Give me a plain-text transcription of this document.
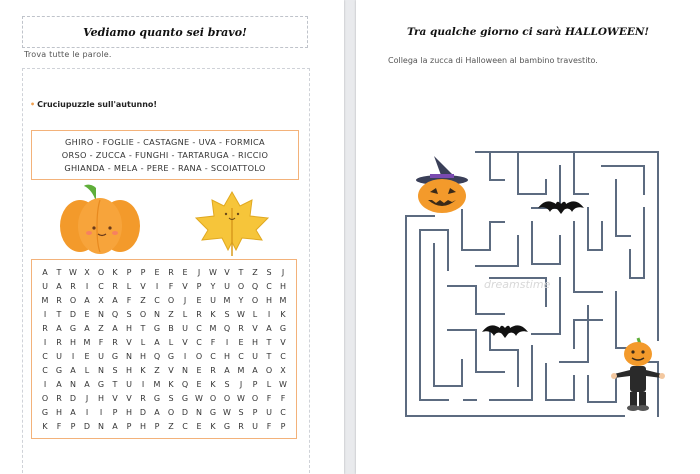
Vediamo quanto sei bravo!
Trova tutte le parole.
• Cruciupuzzle sull'autunno!
GHIRO - FOGLIE - CASTAGNE - UVA - FORMICA
ORSO - ZUCCA - FUNGHI - TARTARUGA - RICCIO
GHIANDA - MELA - PERE - RANA - SCOIATTOLO
A	T W X	O	K	P	P	E	R	E	J	W V	T	Z	S	J
U	A	R	I	C	R	L	V	I	F	V	P	Y	U O Q	C	H
M R	O	A	X	A	F	Z	C	O	J	E	U M	Y	O H M
I	T	D	E	N Q	S	O N	Z	L	R	K	S W L	I	K
R	A	G	A	Z	A	H	T	G	B	U	C M Q	R	V	A	G
I	R	H M	F	R	V	L	A	L	V	C	F	I	E	H	T	V
C	U	I	E	U G N	H Q G	I	O	C	H	C	U	T	C
C	G	A	L	N	S	H	K	Z	V	N	E	R	A M A	O	X
I	A	N	A	G	T	U	I	M K	Q	E	K	S	J	P	L W
O	R	D	J	H	V	V	R	G	S	G W O O W O	F	F
G H	A	I	I	P	H D	A	O D N G W S	P	U	C
K	F	P	D N	A	P	H	P	Z	C	E	K	G	R	U	F	P
Tra qualche giorno ci sarà HALLOWEEN!
Collega la zucca di Halloween al bambino travestito.
dreamstime
